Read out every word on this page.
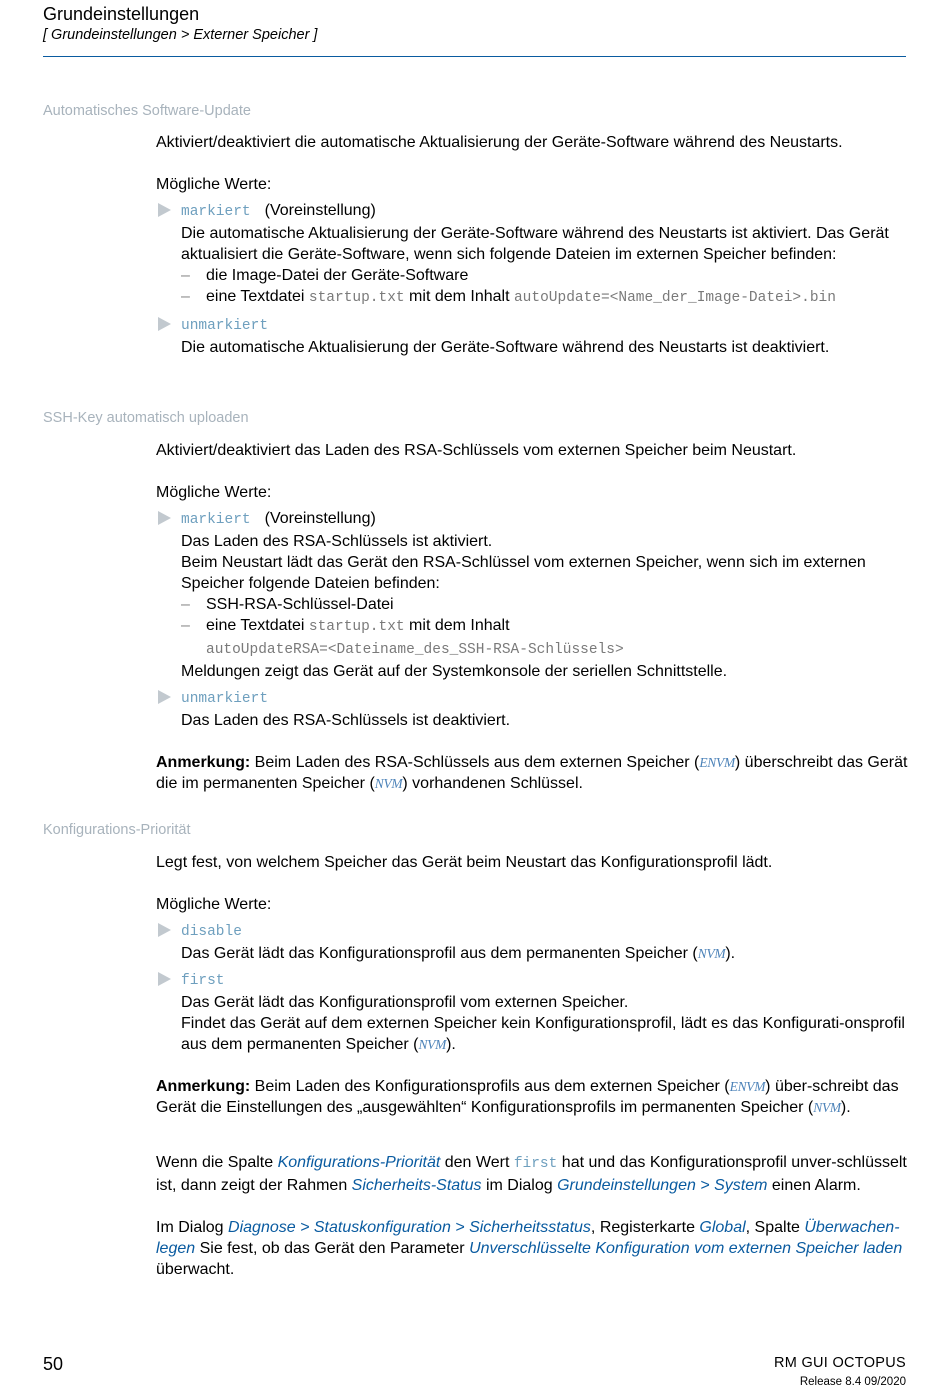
Grundeinstellungen
[ Grundeinstellungen > Externer Speicher ]
Automatisches Software-Update

Aktiviert/deaktiviert die automatische Aktualisierung der Geräte-Software während des Neustarts.

Mögliche Werte:

markiert (Voreinstellung)
Die automatische Aktualisierung der Geräte-Software während des Neustarts ist aktiviert. Das Gerät aktualisiert die Geräte-Software, wenn sich folgende Dateien im externen Speicher befinden:
– die Image-Datei der Geräte-Software
– eine Textdatei startup.txt mit dem Inhalt autoUpdate=<Name_der_Image-Datei>.bin
unmarkiert
Die automatische Aktualisierung der Geräte-Software während des Neustarts ist deaktiviert.
SSH-Key automatisch uploaden

Aktiviert/deaktiviert das Laden des RSA-Schlüssels vom externen Speicher beim Neustart.

Mögliche Werte:

markiert (Voreinstellung)
Das Laden des RSA-Schlüssels ist aktiviert.
Beim Neustart lädt das Gerät den RSA-Schlüssel vom externen Speicher, wenn sich im externen Speicher folgende Dateien befinden:
– SSH-RSA-Schlüssel-Datei
– eine Textdatei startup.txt mit dem Inhalt
autoUpdateRSA=<Dateiname_des_SSH-RSA-Schlüssels>
Meldungen zeigt das Gerät auf der Systemkonsole der seriellen Schnittstelle.
unmarkiert
Das Laden des RSA-Schlüssels ist deaktiviert.

Anmerkung: Beim Laden des RSA-Schlüssels aus dem externen Speicher (ENVM) überschreibt das Gerät die im permanenten Speicher (NVM) vorhandenen Schlüssel.

Konfigurations-Priorität

Legt fest, von welchem Speicher das Gerät beim Neustart das Konfigurationsprofil lädt.

Mögliche Werte:

disable
Das Gerät lädt das Konfigurationsprofil aus dem permanenten Speicher (NVM).
first
Das Gerät lädt das Konfigurationsprofil vom externen Speicher.
Findet das Gerät auf dem externen Speicher kein Konfigurationsprofil, lädt es das Konfigurati-onsprofil aus dem permanenten Speicher (NVM).

Anmerkung: Beim Laden des Konfigurationsprofils aus dem externen Speicher (ENVM) über-schreibt das Gerät die Einstellungen des „ausgewählten“ Konfigurationsprofils im permanenten Speicher (NVM).

Wenn die Spalte Konfigurations-Priorität den Wert first hat und das Konfigurationsprofil unver-schlüsselt ist, dann zeigt der Rahmen Sicherheits-Status im Dialog Grundeinstellungen > System einen Alarm.

Im Dialog Diagnose > Statuskonfiguration > Sicherheitsstatus, Registerkarte Global, Spalte Überwachen-legen Sie fest, ob das Gerät den Parameter Unverschlüsselte Konfiguration vom externen Speicher laden überwacht.

50	RM GUI OCTOPUS
Release 8.4 09/2020
